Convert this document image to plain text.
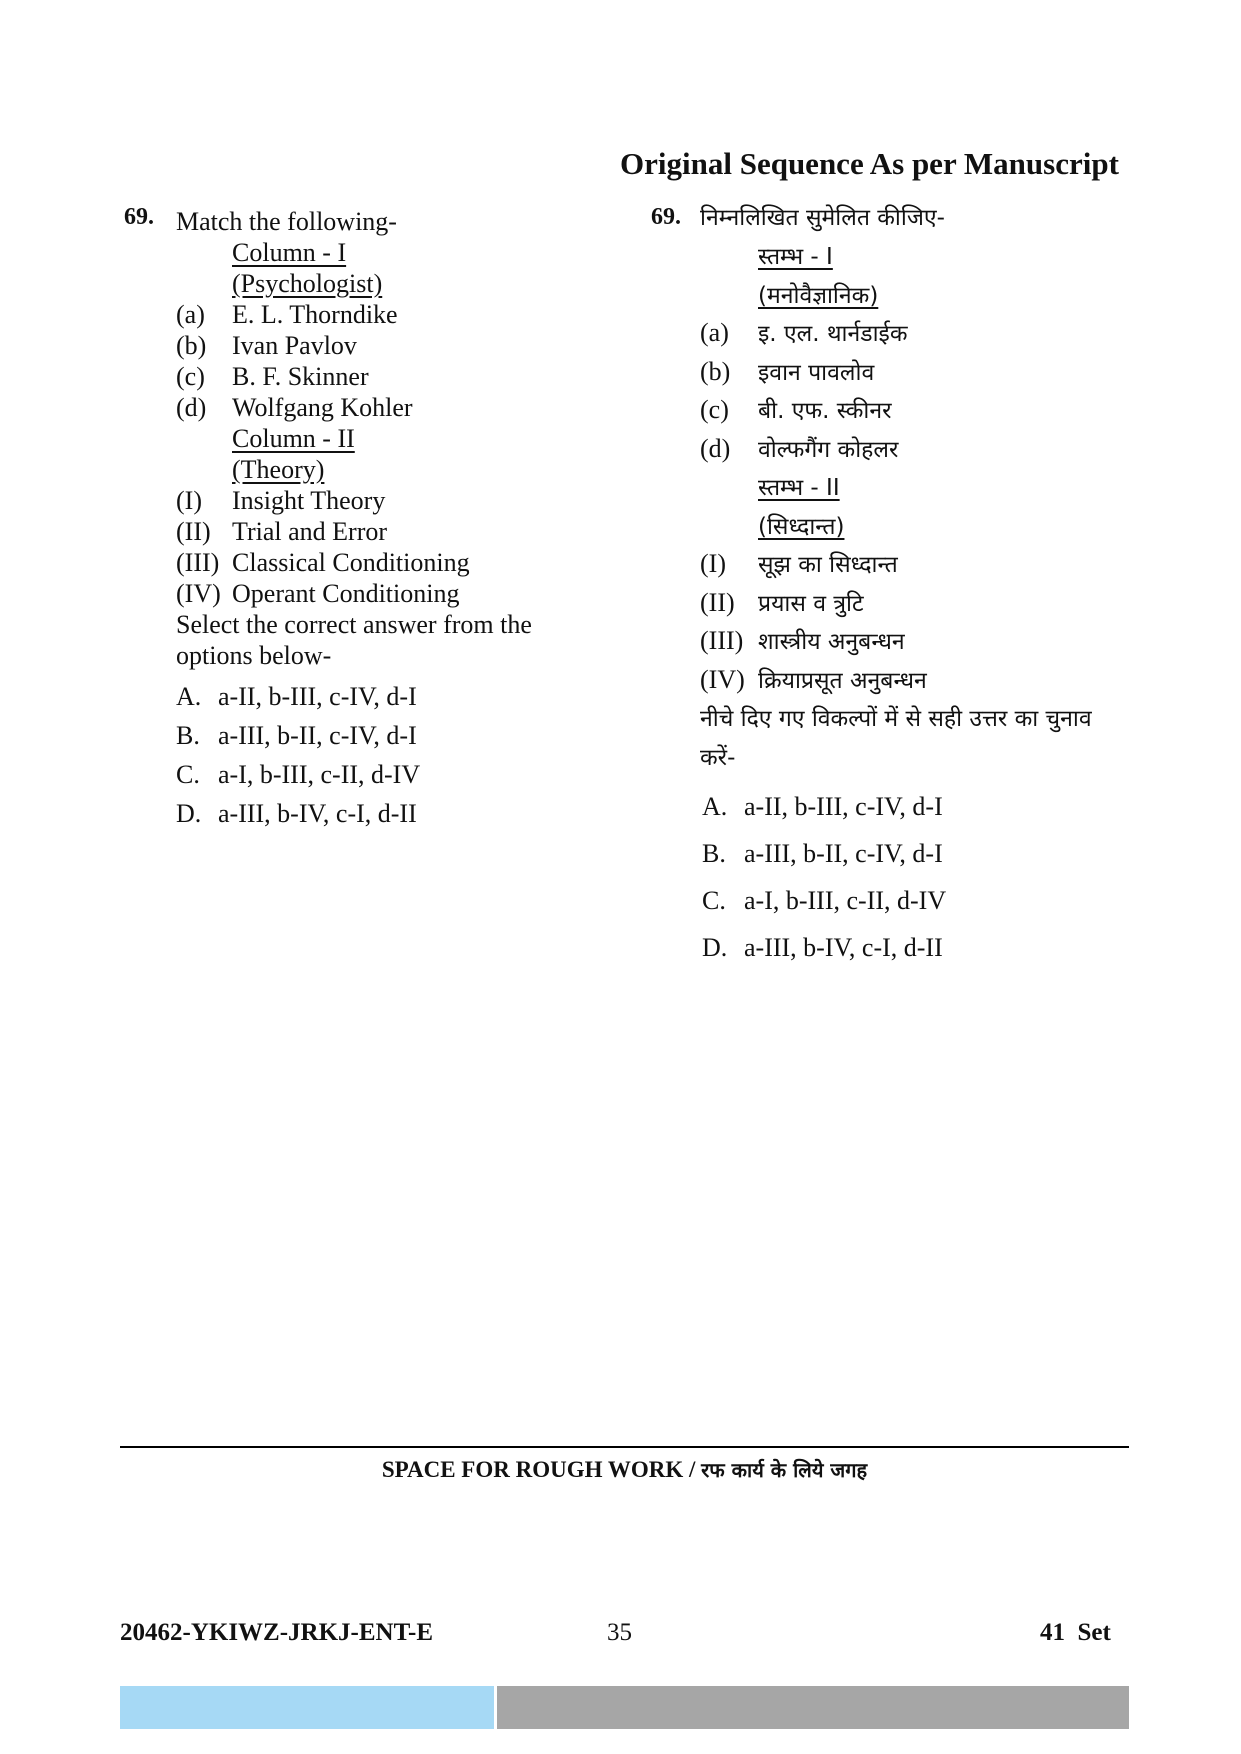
Original Sequence As per Manuscript
69. Match the following-
Column - I
(Psychologist)
(a) E. L. Thorndike
(b) Ivan Pavlov
(c) B. F. Skinner
(d) Wolfgang Kohler
Column - II
(Theory)
(I) Insight Theory
(II) Trial and Error
(III) Classical Conditioning
(IV) Operant Conditioning
Select the correct answer from the
options below-
A. a-II, b-III, c-IV, d-I
B. a-III, b-II, c-IV, d-I
C. a-I, b-III, c-II, d-IV
D. a-III, b-IV, c-I, d-II
69. निम्नलिखित सुमेलित कीजिए-
स्तम्भ - I
(मनोवैज्ञानिक)
(a) इ. एल. थार्नडाईक
(b) इवान पावलोव
(c) बी. एफ. स्कीनर
(d) वोल्फगैंग कोहलर
स्तम्भ - II
(सिध्दान्त)
(I) सूझ का सिध्दान्त
(II) प्रयास व त्रुटि
(III) शास्त्रीय अनुबन्धन
(IV) क्रियाप्रसूत अनुबन्धन
नीचे दिए गए विकल्पों में से सही उत्तर का चुनाव
करें-
A. a-II, b-III, c-IV, d-I
B. a-III, b-II, c-IV, d-I
C. a-I, b-III, c-II, d-IV
D. a-III, b-IV, c-I, d-II
SPACE FOR ROUGH WORK / रफ कार्य के लिये जगह
20462-YKIWZ-JRKJ-ENT-E	35	41 Set
